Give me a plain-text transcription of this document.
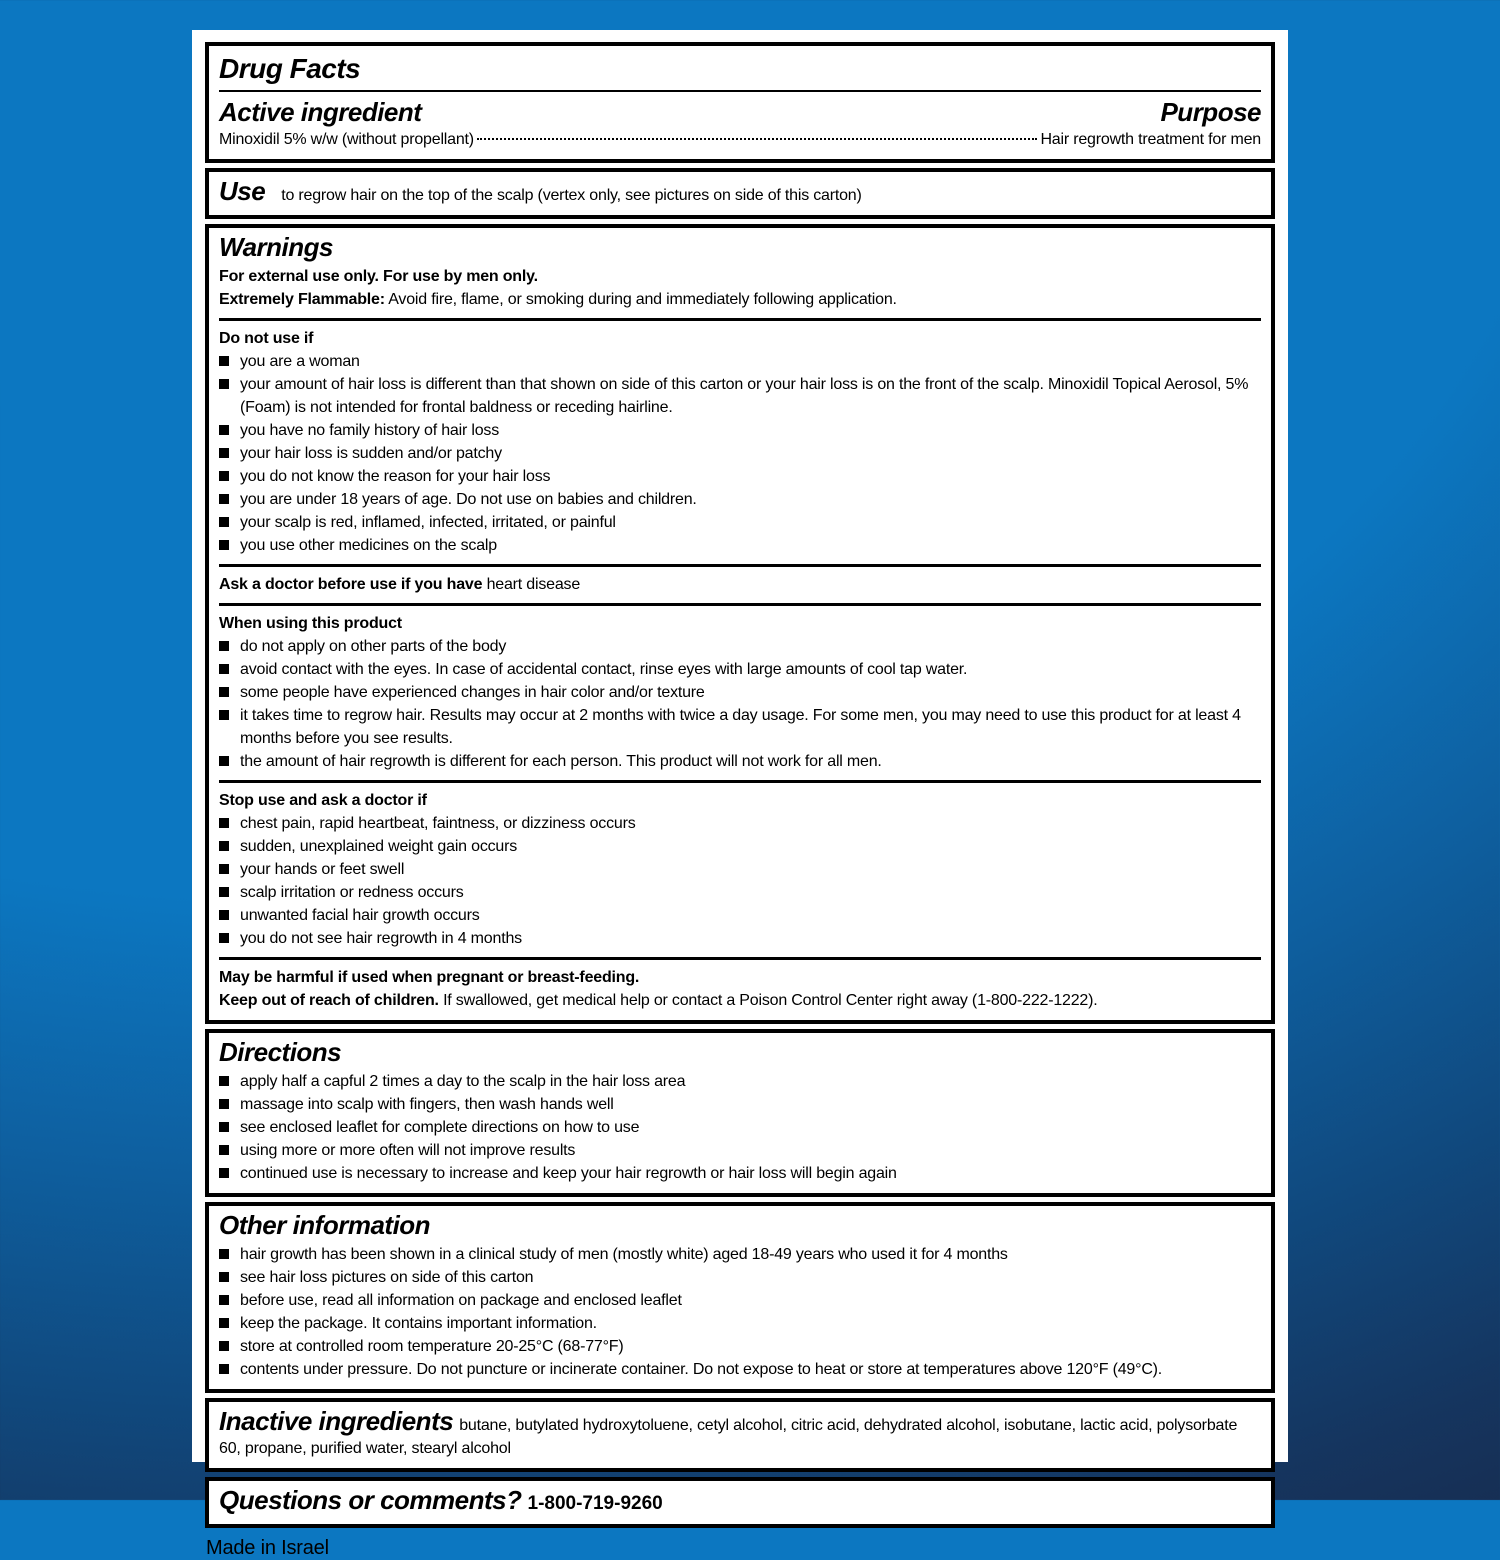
Drug Facts
Active ingredient	Purpose
Minoxidil 5% w/w (without propellant)	Hair regrowth treatment for men
Use to regrow hair on the top of the scalp (vertex only, see pictures on side of this carton)
Warnings

For external use only. For use by men only.

Extremely Flammable: Avoid fire, flame, or smoking during and immediately following application.

Do not use if

you are a woman
your amount of hair loss is different than that shown on side of this carton or your hair loss is on the front of the scalp. Minoxidil Topical Aerosol, 5% (Foam) is not intended for frontal baldness or receding hairline.
you have no family history of hair loss
your hair loss is sudden and/or patchy
you do not know the reason for your hair loss
you are under 18 years of age. Do not use on babies and children.
your scalp is red, inflamed, infected, irritated, or painful
you use other medicines on the scalp

Ask a doctor before use if you have heart disease

When using this product

do not apply on other parts of the body
avoid contact with the eyes. In case of accidental contact, rinse eyes with large amounts of cool tap water.
some people have experienced changes in hair color and/or texture
it takes time to regrow hair. Results may occur at 2 months with twice a day usage. For some men, you may need to use this product for at least 4 months before you see results.
the amount of hair regrowth is different for each person. This product will not work for all men.

Stop use and ask a doctor if

chest pain, rapid heartbeat, faintness, or dizziness occurs
sudden, unexplained weight gain occurs
your hands or feet swell
scalp irritation or redness occurs
unwanted facial hair growth occurs
you do not see hair regrowth in 4 months

May be harmful if used when pregnant or breast-feeding.

Keep out of reach of children. If swallowed, get medical help or contact a Poison Control Center right away (1-800-222-1222).

Directions
apply half a capful 2 times a day to the scalp in the hair loss area
massage into scalp with fingers, then wash hands well
see enclosed leaflet for complete directions on how to use
using more or more often will not improve results
continued use is necessary to increase and keep your hair regrowth or hair loss will begin again
Other information
hair growth has been shown in a clinical study of men (mostly white) aged 18-49 years who used it for 4 months
see hair loss pictures on side of this carton
before use, read all information on package and enclosed leaflet
keep the package. It contains important information.
store at controlled room temperature 20-25°C (68-77°F)
contents under pressure. Do not puncture or incinerate container. Do not expose to heat or store at temperatures above 120°F (49°C).

Inactive ingredients butane, butylated hydroxytoluene, cetyl alcohol, citric acid, dehydrated alcohol, isobutane, lactic acid, polysorbate 60, propane, purified water, stearyl alcohol

Questions or comments? 1-800-719-9260

Made in Israel
